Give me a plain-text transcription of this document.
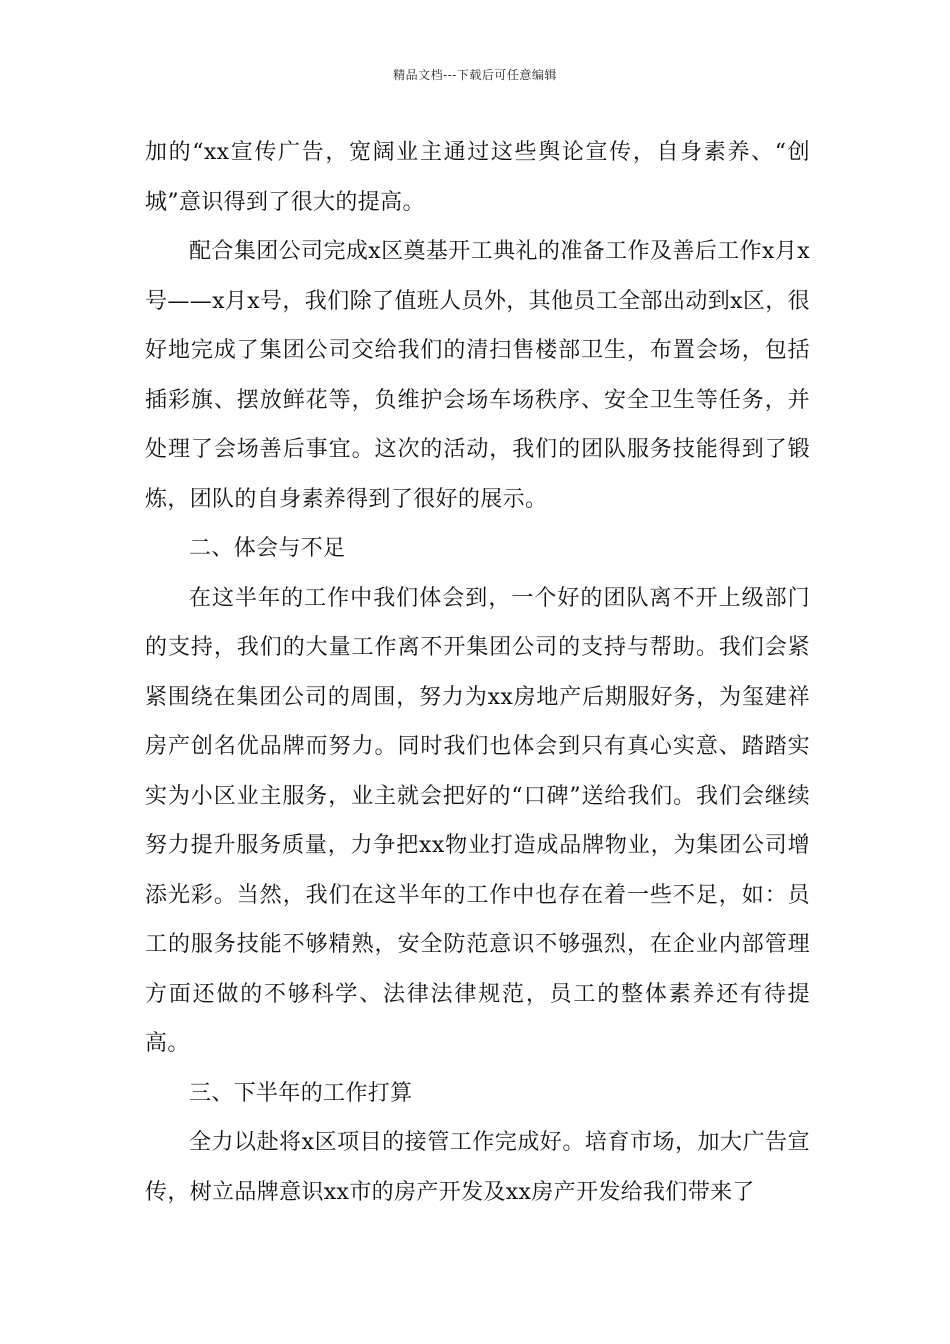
精品文档---下载后可任意编辑

加的“xx宣传广告，宽阔业主通过这些舆论宣传，自身素养、“创城”意识得到了很大的提高。

配合集团公司完成x区奠基开工典礼的准备工作及善后工作x月x号——x月x号，我们除了值班人员外，其他员工全部出动到x区，很好地完成了集团公司交给我们的清扫售楼部卫生，布置会场，包括插彩旗、摆放鲜花等，负维护会场车场秩序、安全卫生等任务，并处理了会场善后事宜。这次的活动，我们的团队服务技能得到了锻炼，团队的自身素养得到了很好的展示。

二、体会与不足

在这半年的工作中我们体会到，一个好的团队离不开上级部门的支持，我们的大量工作离不开集团公司的支持与帮助。我们会紧紧围绕在集团公司的周围，努力为xx房地产后期服好务，为玺建祥房产创名优品牌而努力。同时我们也体会到只有真心实意、踏踏实实为小区业主服务，业主就会把好的“口碑”送给我们。我们会继续努力提升服务质量，力争把xx物业打造成品牌物业，为集团公司增添光彩。当然，我们在这半年的工作中也存在着一些不足，如：员工的服务技能不够精熟，安全防范意识不够强烈，在企业内部管理方面还做的不够科学、法律法律规范，员工的整体素养还有待提高。

三、下半年的工作打算

全力以赴将x区项目的接管工作完成好。培育市场，加大广告宣传，树立品牌意识xx市的房产开发及xx房产开发给我们带来了
